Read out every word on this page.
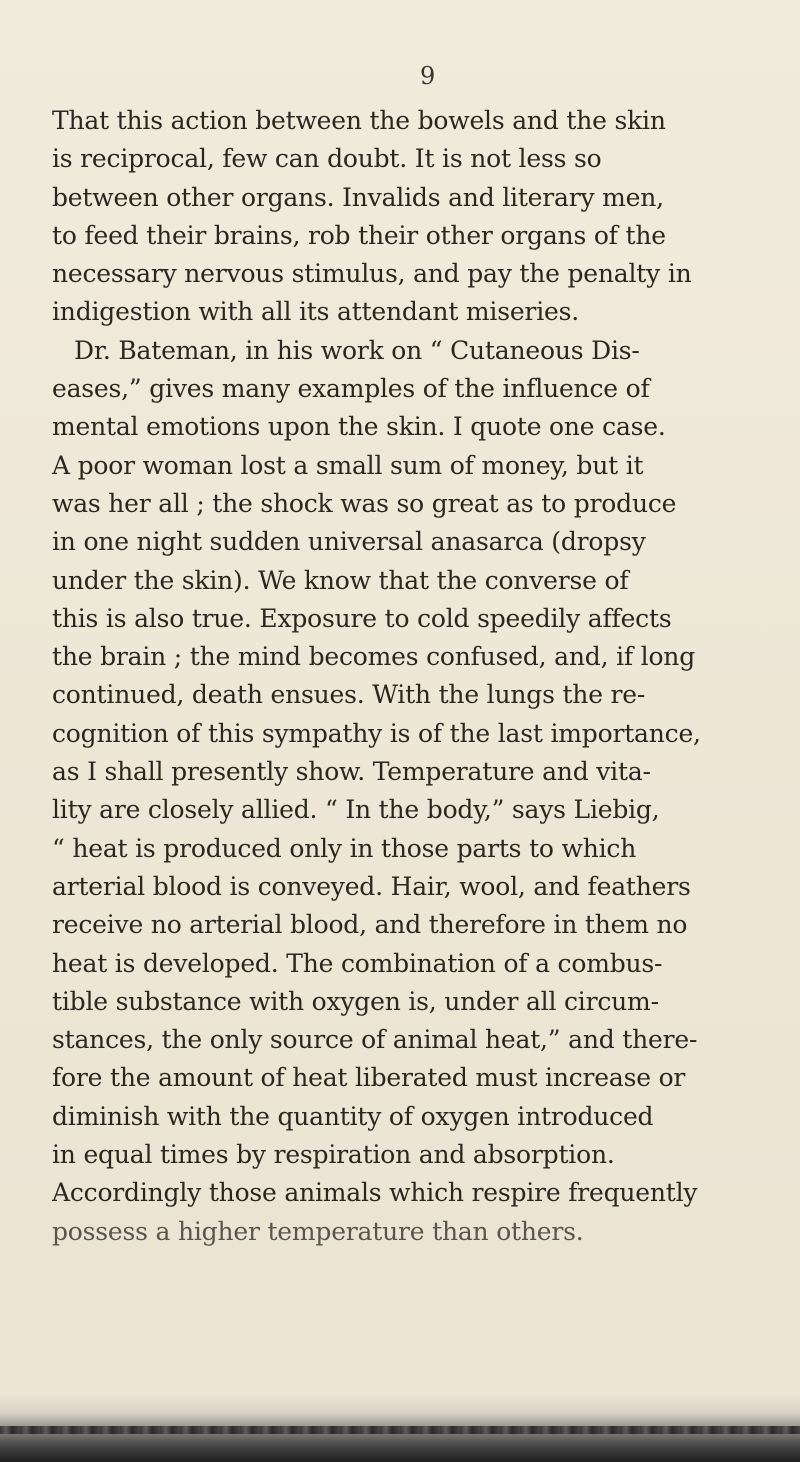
9
That this action between the bowels and the skin
is reciprocal, few can doubt. It is not less so
between other organs. Invalids and literary men,
to feed their brains, rob their other organs of the
necessary nervous stimulus, and pay the penalty in
indigestion with all its attendant miseries.
Dr. Bateman, in his work on “ Cutaneous Dis-
eases,” gives many examples of the influence of
mental emotions upon the skin. I quote one case.
A poor woman lost a small sum of money, but it
was her all ; the shock was so great as to produce
in one night sudden universal anasarca (dropsy
under the skin). We know that the converse of
this is also true. Exposure to cold speedily affects
the brain ; the mind becomes confused, and, if long
continued, death ensues. With the lungs the re-
cognition of this sympathy is of the last importance,
as I shall presently show. Temperature and vita-
lity are closely allied. “ In the body,” says Liebig,
“ heat is produced only in those parts to which
arterial blood is conveyed. Hair, wool, and feathers
receive no arterial blood, and therefore in them no
heat is developed. The combination of a combus-
tible substance with oxygen is, under all circum-
stances, the only source of animal heat,” and there-
fore the amount of heat liberated must increase or
diminish with the quantity of oxygen introduced
in equal times by respiration and absorption.
Accordingly those animals which respire frequently
possess a higher temperature than others.
